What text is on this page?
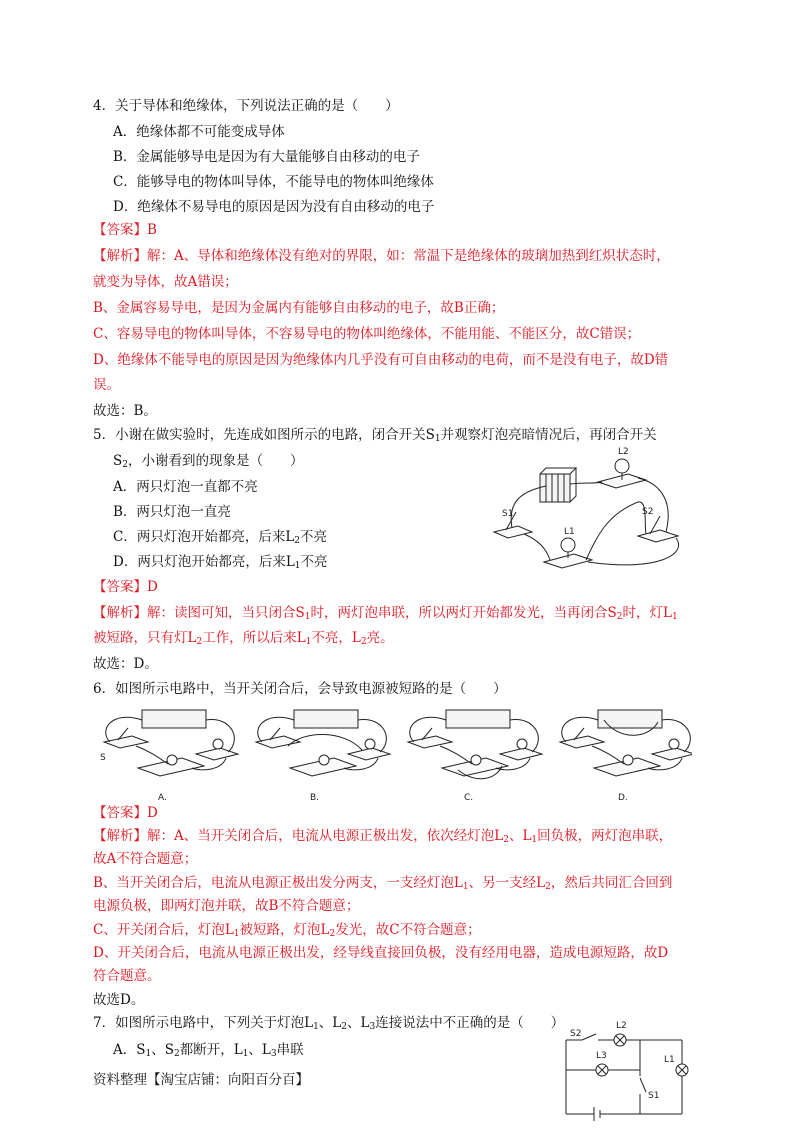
4．关于导体和绝缘体，下列说法正确的是（　　）
A．绝缘体都不可能变成导体
B．金属能够导电是因为有大量能够自由移动的电子
C．能够导电的物体叫导体，不能导电的物体叫绝缘体
D．绝缘体不易导电的原因是因为没有自由移动的电子
【答案】B
【解析】解：A、导体和绝缘体没有绝对的界限，如：常温下是绝缘体的玻璃加热到红炽状态时，
就变为导体，故A错误；
B、金属容易导电，是因为金属内有能够自由移动的电子，故B正确；
C、容易导电的物体叫导体，不容易导电的物体叫绝缘体，不能用能、不能区分，故C错误；
D、绝缘体不能导电的原因是因为绝缘体内几乎没有可自由移动的电荷，而不是没有电子，故D错
误。
故选：B。
5．小谢在做实验时，先连成如图所示的电路，闭合开关$S_1$并观察灯泡亮暗情况后，再闭合开关
$S_2$，小谢看到的现象是（　　）
A．两只灯泡一直都不亮
B．两只灯泡一直亮
C．两只灯泡开始都亮，后来$L_2$不亮
D．两只灯泡开始都亮，后来$L_1$不亮
【答案】D
【解析】解：读图可知，当只闭合$S_1$时，两灯泡串联，所以两灯开始都发光，当再闭合$S_2$时，灯$L_1$
被短路，只有灯$L_2$工作，所以后来$L_1$不亮，$L_2$亮。
故选：D。
L2
S1	S2
L1
6．如图所示电路中，当开关闭合后，会导致电源被短路的是（　　）
S
A.	B.	C.	D.
【答案】D
【解析】解：A、当开关闭合后，电流从电源正极出发，依次经灯泡$L_2$、$L_1$回负极，两灯泡串联，
故A不符合题意；
B、当开关闭合后，电流从电源正极出发分两支，一支经灯泡$L_1$、另一支经$L_2$，然后共同汇合回到
电源负极，即两灯泡并联，故B不符合题意；
C、开关闭合后，灯泡$L_1$被短路，灯泡$L_2$发光，故C不符合题意；
D、开关闭合后，电流从电源正极出发，经导线直接回负极，没有经用电器，造成电源短路，故D
符合题意。
故选D。
7．如图所示电路中，下列关于灯泡$L_1$、$L_2$、$L_3$连接说法中不正确的是（　　）
A．$S_1$、$S_2$都断开，$L_1$、$L_3$串联
S2
L2
L3	L1
S1
资料整理【淘宝店铺：向阳百分百】
